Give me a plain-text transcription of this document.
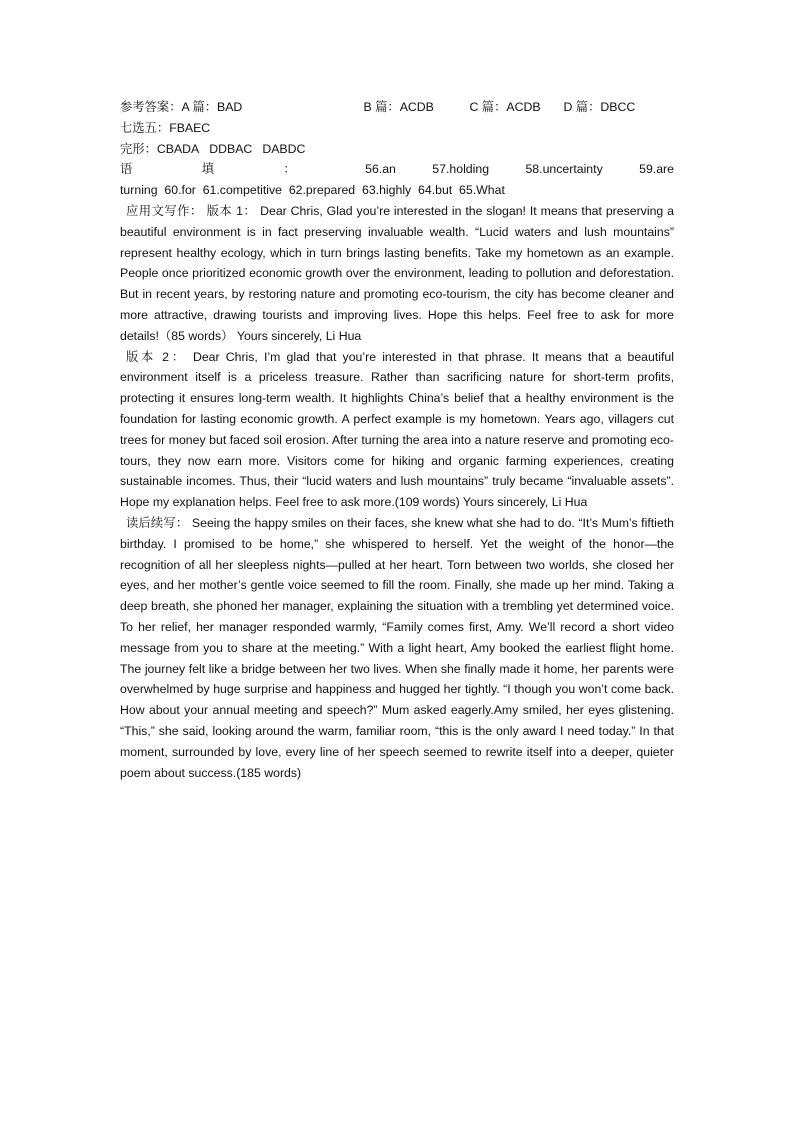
参考答案：A 篇：BAD	B 篇：ACDB	C 篇：ACDB D 篇：DBCC
七选五：FBAEC
完形：CBADA DDBAC DABDC
语	填	：	56.an	57.holding	58.uncertainty	59.are
turning  60.for  61.competitive  62.prepared  63.highly  64.but  65.What

应用文写作： 版本 1： Dear Chris, Glad you’re interested in the slogan! It means that preserving a beautiful environment is in fact preserving invaluable wealth. “Lucid waters and lush mountains” represent healthy ecology, which in turn brings lasting benefits. Take my hometown as an example. People once prioritized economic growth over the environment, leading to pollution and deforestation. But in recent years, by restoring nature and promoting eco-tourism, the city has become cleaner and more attractive, drawing tourists and improving lives. Hope this helps. Feel free to ask for more details!（85 words） Yours sincerely, Li Hua

版本 2： Dear Chris, I’m glad that you’re interested in that phrase. It means that a beautiful environment itself is a priceless treasure. Rather than sacrificing nature for short-term profits, protecting it ensures long-term wealth. It highlights China’s belief that a healthy environment is the foundation for lasting economic growth. A perfect example is my hometown. Years ago, villagers cut trees for money but faced soil erosion. After turning the area into a nature reserve and promoting eco-tours, they now earn more. Visitors come for hiking and organic farming experiences, creating sustainable incomes. Thus, their “lucid waters and lush mountains” truly became “invaluable assets”. Hope my explanation helps. Feel free to ask more.(109 words) Yours sincerely, Li Hua

读后续写： Seeing the happy smiles on their faces, she knew what she had to do. “It’s Mum’s fiftieth birthday. I promised to be home,” she whispered to herself. Yet the weight of the honor—the recognition of all her sleepless nights—pulled at her heart. Torn between two worlds, she closed her eyes, and her mother’s gentle voice seemed to fill the room. Finally, she made up her mind. Taking a deep breath, she phoned her manager, explaining the situation with a trembling yet determined voice. To her relief, her manager responded warmly, “Family comes first, Amy. We’ll record a short video message from you to share at the meeting.” With a light heart, Amy booked the earliest flight home. The journey felt like a bridge between her two lives. When she finally made it home, her parents were overwhelmed by huge surprise and happiness and hugged her tightly. “I though you won’t come back. How about your annual meeting and speech?” Mum asked eagerly.Amy smiled, her eyes glistening. “This,” she said, looking around the warm, familiar room, “this is the only award I need today.” In that moment, surrounded by love, every line of her speech seemed to rewrite itself into a deeper, quieter poem about success.(185 words)
